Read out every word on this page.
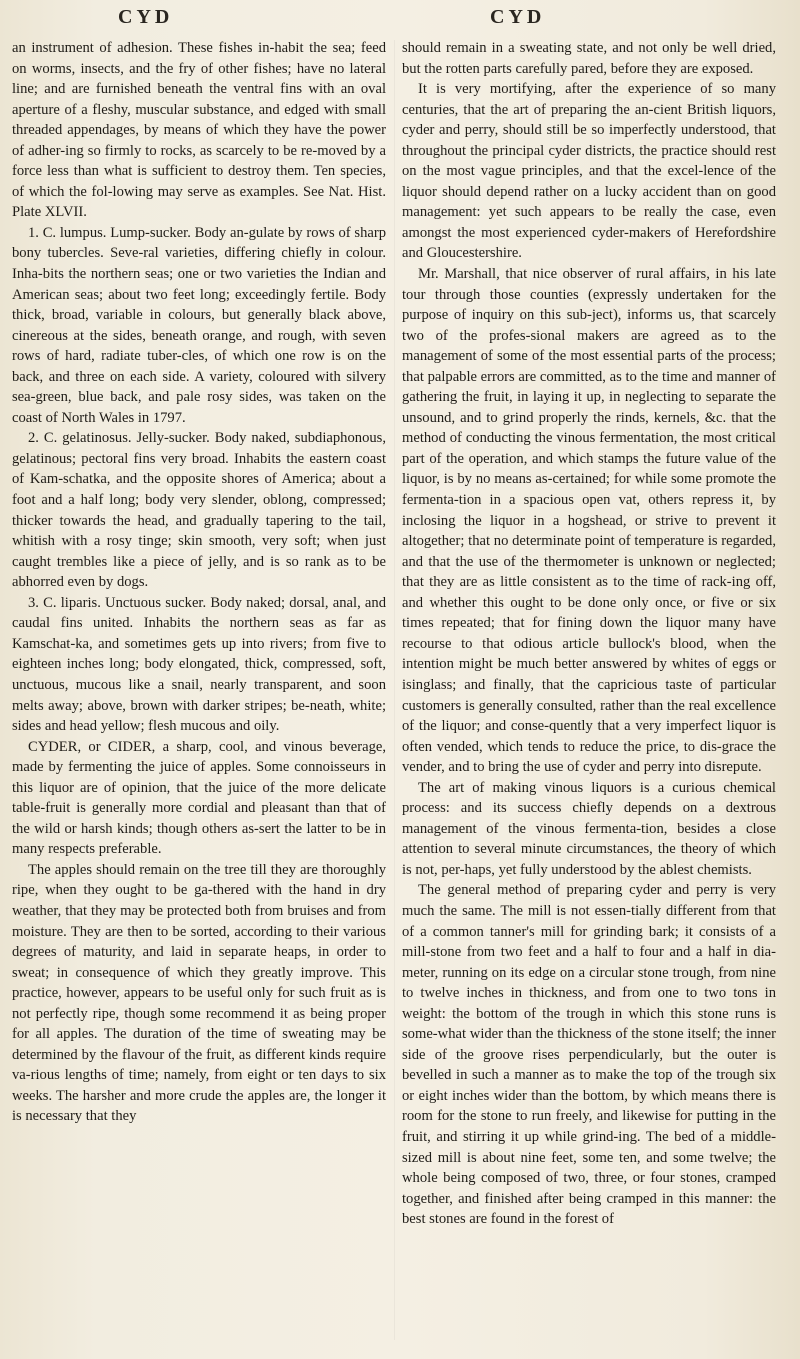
CYD	CYD

an instrument of adhesion. These fishes in-habit the sea; feed on worms, insects, and the fry of other fishes; have no lateral line; and are furnished beneath the ventral fins with an oval aperture of a fleshy, muscular substance, and edged with small threaded appendages, by means of which they have the power of adher-ing so firmly to rocks, as scarcely to be re-moved by a force less than what is sufficient to destroy them. Ten species, of which the fol-lowing may serve as examples. See Nat. Hist. Plate XLVII.

1. C. lumpus. Lump-sucker. Body an-gulate by rows of sharp bony tubercles. Seve-ral varieties, differing chiefly in colour. Inha-bits the northern seas; one or two varieties the Indian and American seas; about two feet long; exceedingly fertile. Body thick, broad, variable in colours, but generally black above, cinereous at the sides, beneath orange, and rough, with seven rows of hard, radiate tuber-cles, of which one row is on the back, and three on each side. A variety, coloured with silvery sea-green, blue back, and pale rosy sides, was taken on the coast of North Wales in 1797.

2. C. gelatinosus. Jelly-sucker. Body naked, subdiaphonous, gelatinous; pectoral fins very broad. Inhabits the eastern coast of Kam-schatka, and the opposite shores of America; about a foot and a half long; body very slender, oblong, compressed; thicker towards the head, and gradually tapering to the tail, whitish with a rosy tinge; skin smooth, very soft; when just caught trembles like a piece of jelly, and is so rank as to be abhorred even by dogs.

3. C. liparis. Unctuous sucker. Body naked; dorsal, anal, and caudal fins united. Inhabits the northern seas as far as Kamschat-ka, and sometimes gets up into rivers; from five to eighteen inches long; body elongated, thick, compressed, soft, unctuous, mucous like a snail, nearly transparent, and soon melts away; above, brown with darker stripes; be-neath, white; sides and head yellow; flesh mucous and oily.

CYDER, or CIDER, a sharp, cool, and vinous beverage, made by fermenting the juice of apples. Some connoisseurs in this liquor are of opinion, that the juice of the more delicate table-fruit is generally more cordial and pleasant than that of the wild or harsh kinds; though others as-sert the latter to be in many respects preferable.

The apples should remain on the tree till they are thoroughly ripe, when they ought to be ga-thered with the hand in dry weather, that they may be protected both from bruises and from moisture. They are then to be sorted, according to their various degrees of maturity, and laid in separate heaps, in order to sweat; in consequence of which they greatly improve. This practice, however, appears to be useful only for such fruit as is not perfectly ripe, though some recommend it as being proper for all apples. The duration of the time of sweating may be determined by the flavour of the fruit, as different kinds require va-rious lengths of time; namely, from eight or ten days to six weeks. The harsher and more crude the apples are, the longer it is necessary that they

should remain in a sweating state, and not only be well dried, but the rotten parts carefully pared, before they are exposed.

It is very mortifying, after the experience of so many centuries, that the art of preparing the an-cient British liquors, cyder and perry, should still be so imperfectly understood, that throughout the principal cyder districts, the practice should rest on the most vague principles, and that the excel-lence of the liquor should depend rather on a lucky accident than on good management: yet such appears to be really the case, even amongst the most experienced cyder-makers of Herefordshire and Gloucestershire.

Mr. Marshall, that nice observer of rural affairs, in his late tour through those counties (expressly undertaken for the purpose of inquiry on this sub-ject), informs us, that scarcely two of the profes-sional makers are agreed as to the management of some of the most essential parts of the process; that palpable errors are committed, as to the time and manner of gathering the fruit, in laying it up, in neglecting to separate the unsound, and to grind properly the rinds, kernels, &c. that the method of conducting the vinous fermentation, the most critical part of the operation, and which stamps the future value of the liquor, is by no means as-certained; for while some promote the fermenta-tion in a spacious open vat, others repress it, by inclosing the liquor in a hogshead, or strive to prevent it altogether; that no determinate point of temperature is regarded, and that the use of the thermometer is unknown or neglected; that they are as little consistent as to the time of rack-ing off, and whether this ought to be done only once, or five or six times repeated; that for fining down the liquor many have recourse to that odious article bullock's blood, when the intention might be much better answered by whites of eggs or isinglass; and finally, that the capricious taste of particular customers is generally consulted, rather than the real excellence of the liquor; and conse-quently that a very imperfect liquor is often vended, which tends to reduce the price, to dis-grace the vender, and to bring the use of cyder and perry into disrepute.

The art of making vinous liquors is a curious chemical process: and its success chiefly depends on a dextrous management of the vinous fermenta-tion, besides a close attention to several minute circumstances, the theory of which is not, per-haps, yet fully understood by the ablest chemists.

The general method of preparing cyder and perry is very much the same. The mill is not essen-tially different from that of a common tanner's mill for grinding bark; it consists of a mill-stone from two feet and a half to four and a half in dia-meter, running on its edge on a circular stone trough, from nine to twelve inches in thickness, and from one to two tons in weight: the bottom of the trough in which this stone runs is some-what wider than the thickness of the stone itself; the inner side of the groove rises perpendicularly, but the outer is bevelled in such a manner as to make the top of the trough six or eight inches wider than the bottom, by which means there is room for the stone to run freely, and likewise for putting in the fruit, and stirring it up while grind-ing. The bed of a middle-sized mill is about nine feet, some ten, and some twelve; the whole being composed of two, three, or four stones, cramped together, and finished after being cramped in this manner: the best stones are found in the forest of
